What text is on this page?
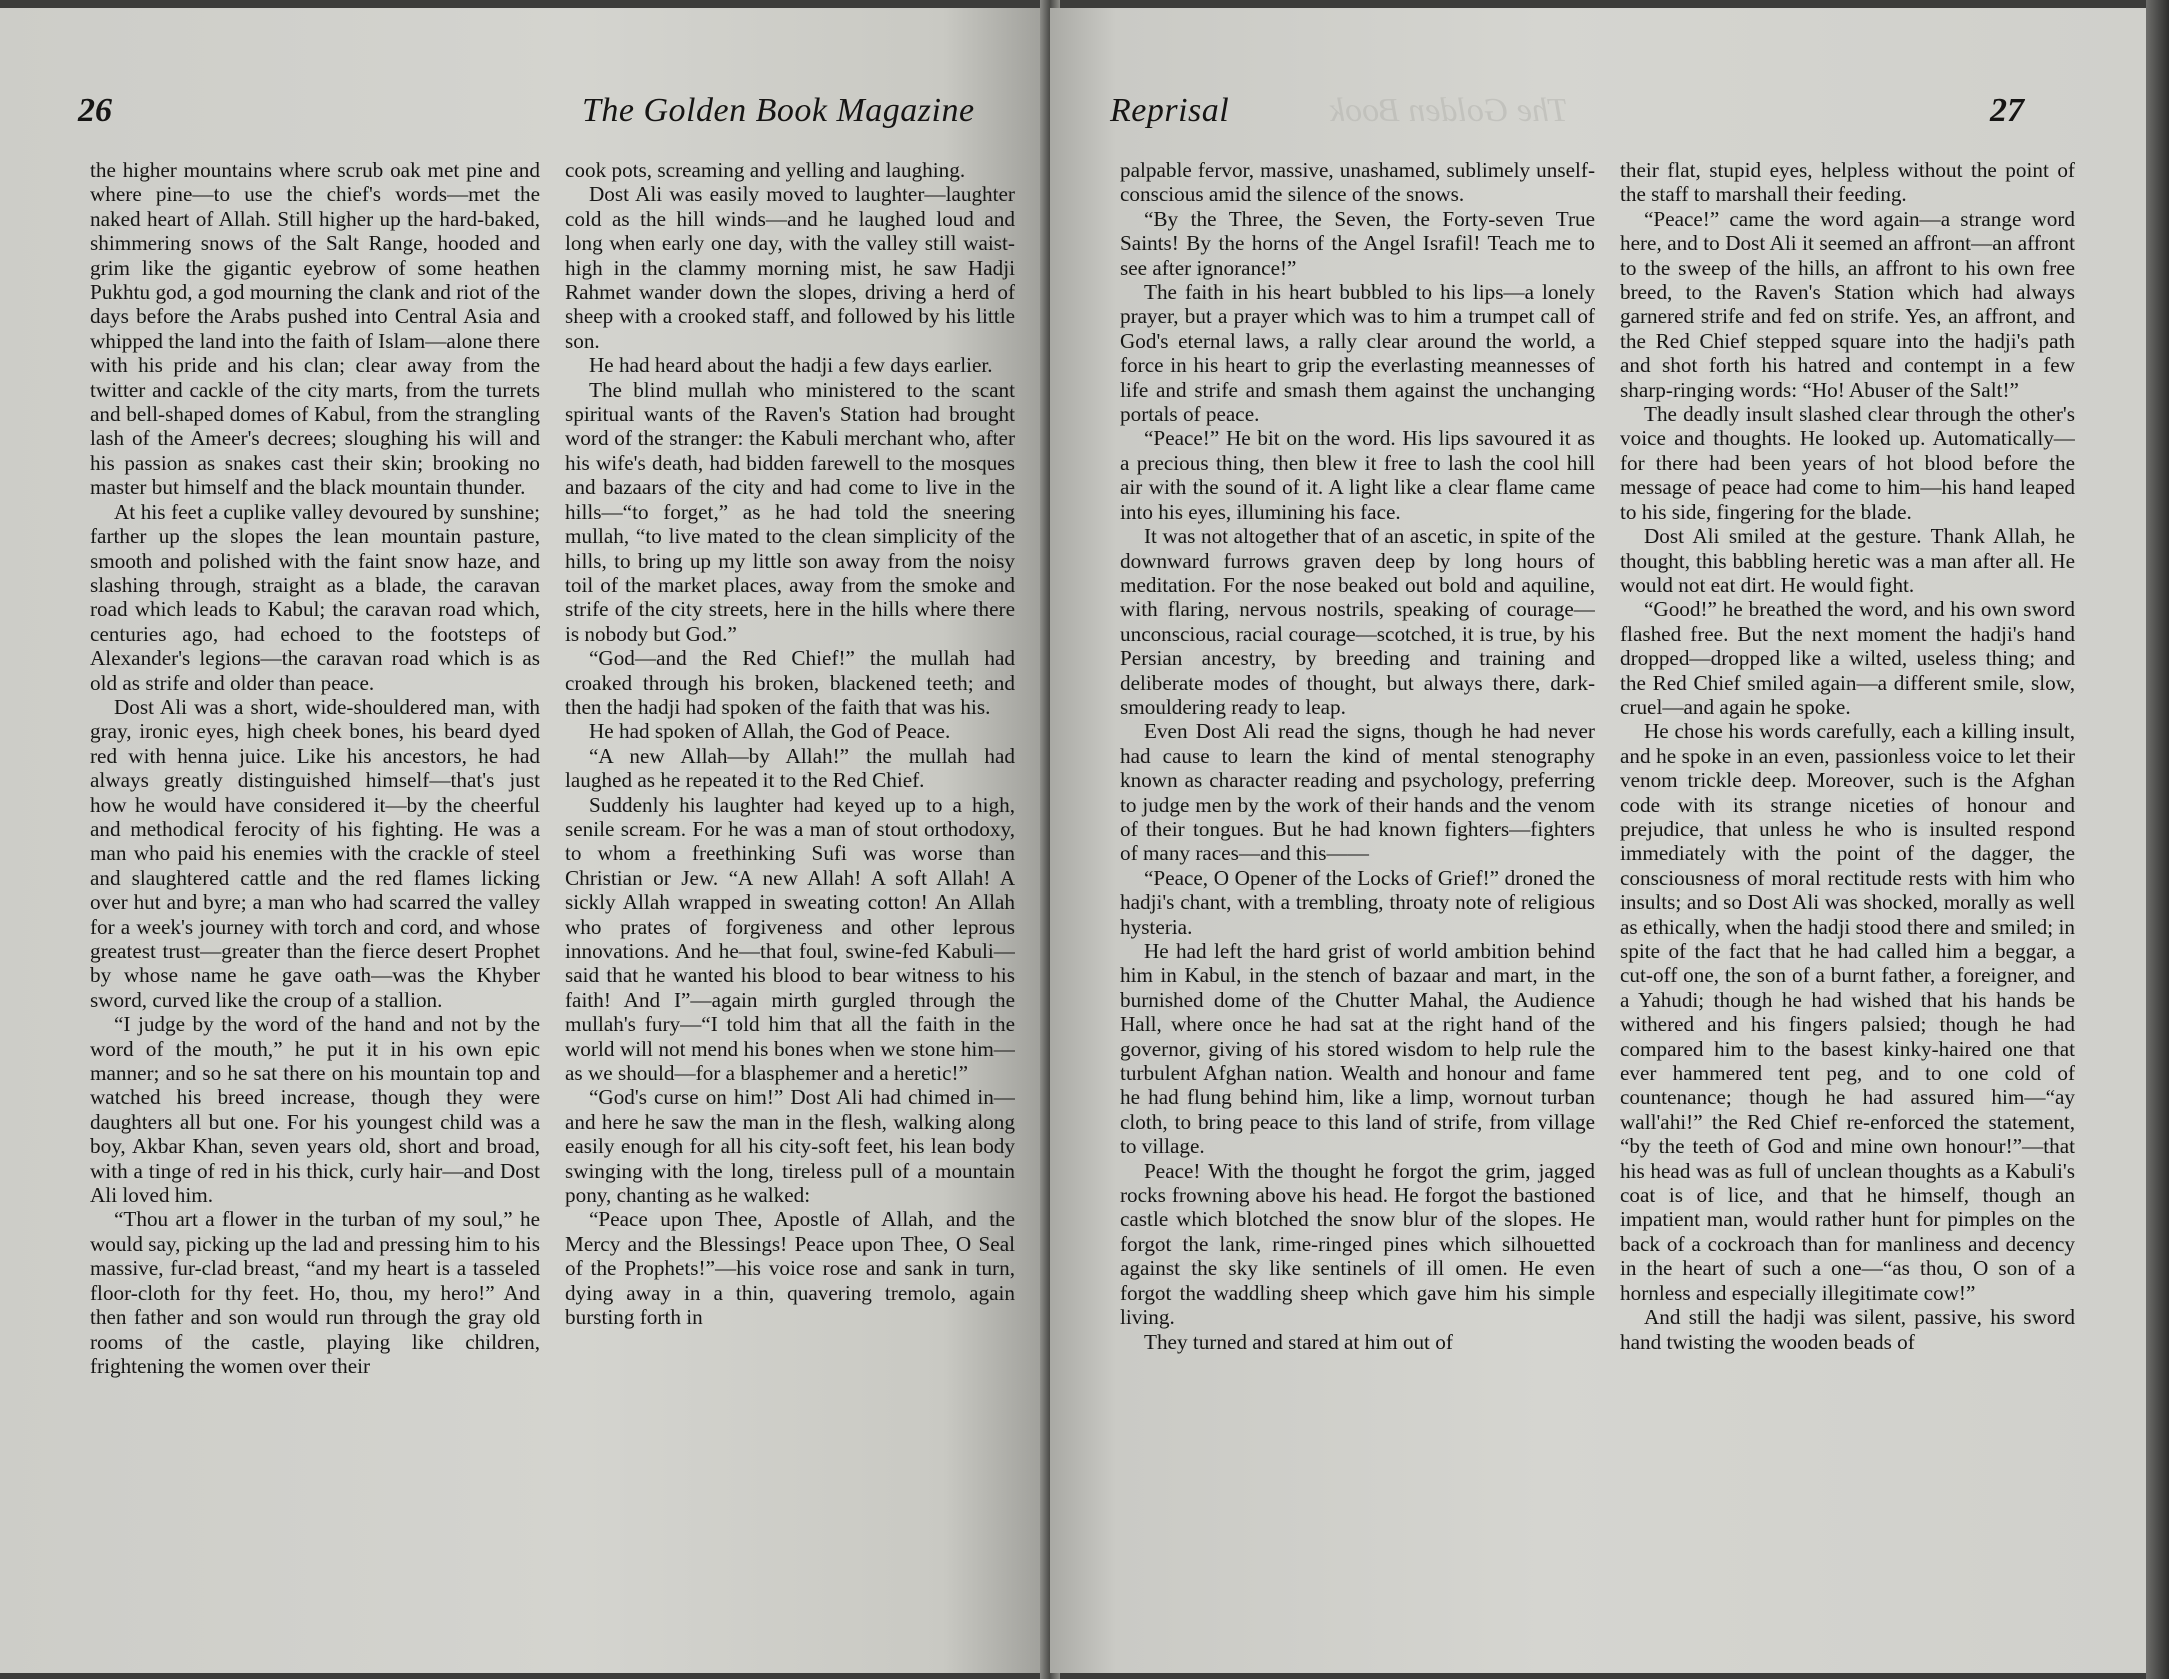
26	The Golden Book Magazine

the higher mountains where scrub oak met pine and where pine—to use the chief's words—met the naked heart of Allah. Still higher up the hard-baked, shimmering snows of the Salt Range, hooded and grim like the gigantic eyebrow of some heathen Pukhtu god, a god mourning the clank and riot of the days before the Arabs pushed into Central Asia and whipped the land into the faith of Islam—alone there with his pride and his clan; clear away from the twitter and cackle of the city marts, from the turrets and bell-shaped domes of Kabul, from the strangling lash of the Ameer's decrees; sloughing his will and his passion as snakes cast their skin; brooking no master but himself and the black mountain thunder.

At his feet a cuplike valley devoured by sunshine; farther up the slopes the lean mountain pasture, smooth and polished with the faint snow haze, and slashing through, straight as a blade, the caravan road which leads to Kabul; the caravan road which, centuries ago, had echoed to the footsteps of Alexander's legions—the caravan road which is as old as strife and older than peace.

Dost Ali was a short, wide-shouldered man, with gray, ironic eyes, high cheek bones, his beard dyed red with henna juice. Like his ancestors, he had always greatly distinguished himself—that's just how he would have considered it—by the cheerful and methodical ferocity of his fighting. He was a man who paid his enemies with the crackle of steel and slaughtered cattle and the red flames licking over hut and byre; a man who had scarred the valley for a week's journey with torch and cord, and whose greatest trust—greater than the fierce desert Prophet by whose name he gave oath—was the Khyber sword, curved like the croup of a stallion.

“I judge by the word of the hand and not by the word of the mouth,” he put it in his own epic manner; and so he sat there on his mountain top and watched his breed increase, though they were daughters all but one. For his youngest child was a boy, Akbar Khan, seven years old, short and broad, with a tinge of red in his thick, curly hair—and Dost Ali loved him.

“Thou art a flower in the turban of my soul,” he would say, picking up the lad and pressing him to his massive, fur-clad breast, “and my heart is a tasseled floor-cloth for thy feet. Ho, thou, my hero!” And then father and son would run through the gray old rooms of the castle, playing like children, frightening the women over their

cook pots, screaming and yelling and laughing.

Dost Ali was easily moved to laughter—laughter cold as the hill winds—and he laughed loud and long when early one day, with the valley still waist-high in the clammy morning mist, he saw Hadji Rahmet wander down the slopes, driving a herd of sheep with a crooked staff, and followed by his little son.

He had heard about the hadji a few days earlier.

The blind mullah who ministered to the scant spiritual wants of the Raven's Station had brought word of the stranger: the Kabuli merchant who, after his wife's death, had bidden farewell to the mosques and bazaars of the city and had come to live in the hills—“to forget,” as he had told the sneering mullah, “to live mated to the clean simplicity of the hills, to bring up my little son away from the noisy toil of the market places, away from the smoke and strife of the city streets, here in the hills where there is nobody but God.”

“God—and the Red Chief!” the mullah had croaked through his broken, blackened teeth; and then the hadji had spoken of the faith that was his.

He had spoken of Allah, the God of Peace.

“A new Allah—by Allah!” the mullah had laughed as he repeated it to the Red Chief.

Suddenly his laughter had keyed up to a high, senile scream. For he was a man of stout orthodoxy, to whom a freethinking Sufi was worse than Christian or Jew. “A new Allah! A soft Allah! A sickly Allah wrapped in sweating cotton! An Allah who prates of forgiveness and other leprous innovations. And he—that foul, swine-fed Kabuli—said that he wanted his blood to bear witness to his faith! And I”—again mirth gurgled through the mullah's fury—“I told him that all the faith in the world will not mend his bones when we stone him—as we should—for a blasphemer and a heretic!”

“God's curse on him!” Dost Ali had chimed in—and here he saw the man in the flesh, walking along easily enough for all his city-soft feet, his lean body swinging with the long, tireless pull of a mountain pony, chanting as he walked:

“Peace upon Thee, Apostle of Allah, and the Mercy and the Blessings! Peace upon Thee, O Seal of the Prophets!”—his voice rose and sank in turn, dying away in a thin, quavering tremolo, again bursting forth in

Reprisal	The Golden Book	27

palpable fervor, massive, unashamed, sublimely unself-conscious amid the silence of the snows.

“By the Three, the Seven, the Forty-seven True Saints! By the horns of the Angel Israfil! Teach me to see after ignorance!”

The faith in his heart bubbled to his lips—a lonely prayer, but a prayer which was to him a trumpet call of God's eternal laws, a rally clear around the world, a force in his heart to grip the everlasting meannesses of life and strife and smash them against the unchanging portals of peace.

“Peace!” He bit on the word. His lips savoured it as a precious thing, then blew it free to lash the cool hill air with the sound of it. A light like a clear flame came into his eyes, illumining his face.

It was not altogether that of an ascetic, in spite of the downward furrows graven deep by long hours of meditation. For the nose beaked out bold and aquiline, with flaring, nervous nostrils, speaking of courage—unconscious, racial courage—scotched, it is true, by his Persian ancestry, by breeding and training and deliberate modes of thought, but always there, dark-smouldering ready to leap.

Even Dost Ali read the signs, though he had never had cause to learn the kind of mental stenography known as character reading and psychology, preferring to judge men by the work of their hands and the venom of their tongues. But he had known fighters—fighters of many races—and this——

“Peace, O Opener of the Locks of Grief!” droned the hadji's chant, with a trembling, throaty note of religious hysteria.

He had left the hard grist of world ambition behind him in Kabul, in the stench of bazaar and mart, in the burnished dome of the Chutter Mahal, the Audience Hall, where once he had sat at the right hand of the governor, giving of his stored wisdom to help rule the turbulent Afghan nation. Wealth and honour and fame he had flung behind him, like a limp, wornout turban cloth, to bring peace to this land of strife, from village to village.

Peace! With the thought he forgot the grim, jagged rocks frowning above his head. He forgot the bastioned castle which blotched the snow blur of the slopes. He forgot the lank, rime-ringed pines which silhouetted against the sky like sentinels of ill omen. He even forgot the waddling sheep which gave him his simple living.

They turned and stared at him out of

their flat, stupid eyes, helpless without the point of the staff to marshall their feeding.

“Peace!” came the word again—a strange word here, and to Dost Ali it seemed an affront—an affront to the sweep of the hills, an affront to his own free breed, to the Raven's Station which had always garnered strife and fed on strife. Yes, an affront, and the Red Chief stepped square into the hadji's path and shot forth his hatred and contempt in a few sharp-ringing words: “Ho! Abuser of the Salt!”

The deadly insult slashed clear through the other's voice and thoughts. He looked up. Automatically—for there had been years of hot blood before the message of peace had come to him—his hand leaped to his side, fingering for the blade.

Dost Ali smiled at the gesture. Thank Allah, he thought, this babbling heretic was a man after all. He would not eat dirt. He would fight.

“Good!” he breathed the word, and his own sword flashed free. But the next moment the hadji's hand dropped—dropped like a wilted, useless thing; and the Red Chief smiled again—a different smile, slow, cruel—and again he spoke.

He chose his words carefully, each a killing insult, and he spoke in an even, passionless voice to let their venom trickle deep. Moreover, such is the Afghan code with its strange niceties of honour and prejudice, that unless he who is insulted respond immediately with the point of the dagger, the consciousness of moral rectitude rests with him who insults; and so Dost Ali was shocked, morally as well as ethically, when the hadji stood there and smiled; in spite of the fact that he had called him a beggar, a cut-off one, the son of a burnt father, a foreigner, and a Yahudi; though he had wished that his hands be withered and his fingers palsied; though he had compared him to the basest kinky-haired one that ever hammered tent peg, and to one cold of countenance; though he had assured him—“ay wall'ahi!” the Red Chief re-enforced the statement, “by the teeth of God and mine own honour!”—that his head was as full of unclean thoughts as a Kabuli's coat is of lice, and that he himself, though an impatient man, would rather hunt for pimples on the back of a cockroach than for manliness and decency in the heart of such a one—“as thou, O son of a hornless and especially illegitimate cow!”

And still the hadji was silent, passive, his sword hand twisting the wooden beads of
